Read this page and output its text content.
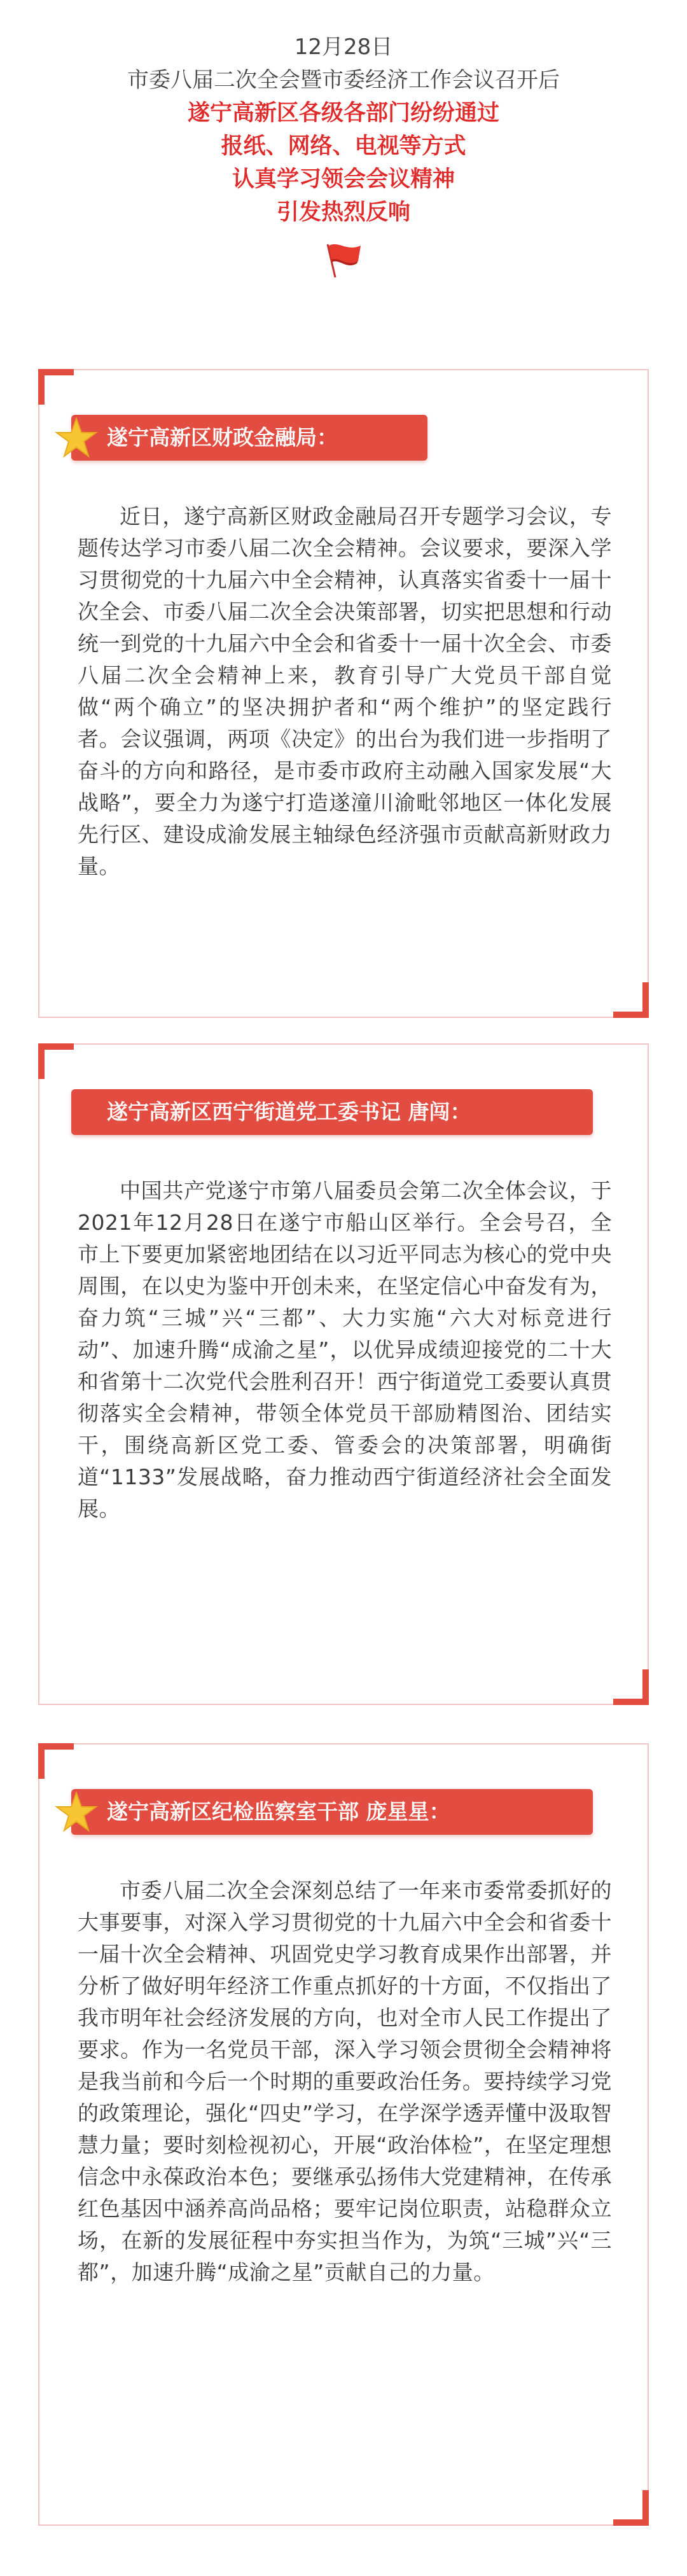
12月28日
市委八届二次全会暨市委经济工作会议召开后
遂宁高新区各级各部门纷纷通过
报纸、网络、电视等方式
认真学习领会会议精神
引发热烈反响
遂宁高新区财政金融局：
近日，遂宁高新区财政金融局召开专题学习会议，专题传达学习市委八届二次全会精神。会议要求，要深入学习贯彻党的十九届六中全会精神，认真落实省委十一届十次全会、市委八届二次全会决策部署，切实把思想和行动统一到党的十九届六中全会和省委十一届十次全会、市委八届二次全会精神上来，教育引导广大党员干部自觉做“两个确立”的坚决拥护者和“两个维护”的坚定践行者。会议强调，两项《决定》的出台为我们进一步指明了奋斗的方向和路径，是市委市政府主动融入国家发展“大战略”，要全力为遂宁打造遂潼川渝毗邻地区一体化发展先行区、建设成渝发展主轴绿色经济强市贡献高新财政力量。
遂宁高新区西宁街道党工委书记 唐闯：
中国共产党遂宁市第八届委员会第二次全体会议，于2021年12月28日在遂宁市船山区举行。全会号召，全市上下要更加紧密地团结在以习近平同志为核心的党中央周围，在以史为鉴中开创未来，在坚定信心中奋发有为，奋力筑“三城”兴“三都”、大力实施“六大对标竞进行动”、加速升腾“成渝之星”，以优异成绩迎接党的二十大和省第十二次党代会胜利召开！西宁街道党工委要认真贯彻落实全会精神，带领全体党员干部励精图治、团结实干，围绕高新区党工委、管委会的决策部署，明确街道“1133”发展战略，奋力推动西宁街道经济社会全面发展。
遂宁高新区纪检监察室干部 庞星星：
市委八届二次全会深刻总结了一年来市委常委抓好的大事要事，对深入学习贯彻党的十九届六中全会和省委十一届十次全会精神、巩固党史学习教育成果作出部署，并分析了做好明年经济工作重点抓好的十方面，不仅指出了我市明年社会经济发展的方向，也对全市人民工作提出了要求。作为一名党员干部，深入学习领会贯彻全会精神将是我当前和今后一个时期的重要政治任务。要持续学习党的政策理论，强化“四史”学习，在学深学透弄懂中汲取智慧力量；要时刻检视初心，开展“政治体检”，在坚定理想信念中永葆政治本色；要继承弘扬伟大党建精神，在传承红色基因中涵养高尚品格；要牢记岗位职责，站稳群众立场，在新的发展征程中夯实担当作为，为筑“三城”兴“三都”，加速升腾“成渝之星”贡献自己的力量。
